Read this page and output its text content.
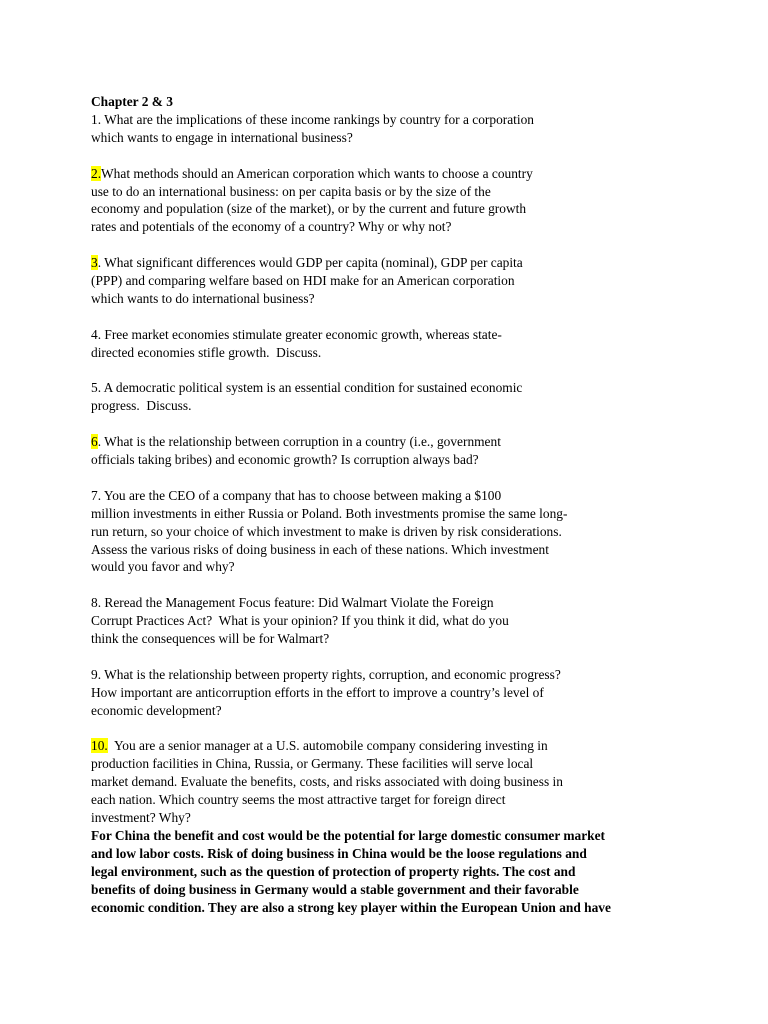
Chapter 2 & 3
1. What are the implications of these income rankings by country for a corporation
which wants to engage in international business?
2.What methods should an American corporation which wants to choose a country
use to do an international business: on per capita basis or by the size of the
economy and population (size of the market), or by the current and future growth
rates and potentials of the economy of a country? Why or why not?
3. What significant differences would GDP per capita (nominal), GDP per capita
(PPP) and comparing welfare based on HDI make for an American corporation
which wants to do international business?
4. Free market economies stimulate greater economic growth, whereas state-
directed economies stifle growth.  Discuss.
5. A democratic political system is an essential condition for sustained economic
progress.  Discuss.
6. What is the relationship between corruption in a country (i.e., government
officials taking bribes) and economic growth? Is corruption always bad?
7. You are the CEO of a company that has to choose between making a $100
million investments in either Russia or Poland. Both investments promise the same long-
run return, so your choice of which investment to make is driven by risk considerations.
Assess the various risks of doing business in each of these nations. Which investment
would you favor and why?
8. Reread the Management Focus feature: Did Walmart Violate the Foreign
Corrupt Practices Act?  What is your opinion? If you think it did, what do you
think the consequences will be for Walmart?
9. What is the relationship between property rights, corruption, and economic progress?
How important are anticorruption efforts in the effort to improve a country’s level of
economic development?
10.  You are a senior manager at a U.S. automobile company considering investing in
production facilities in China, Russia, or Germany. These facilities will serve local
market demand. Evaluate the benefits, costs, and risks associated with doing business in
each nation. Which country seems the most attractive target for foreign direct
investment? Why?
For China the benefit and cost would be the potential for large domestic consumer market
and low labor costs. Risk of doing business in China would be the loose regulations and
legal environment, such as the question of protection of property rights. The cost and
benefits of doing business in Germany would a stable government and their favorable
economic condition. They are also a strong key player within the European Union and have
